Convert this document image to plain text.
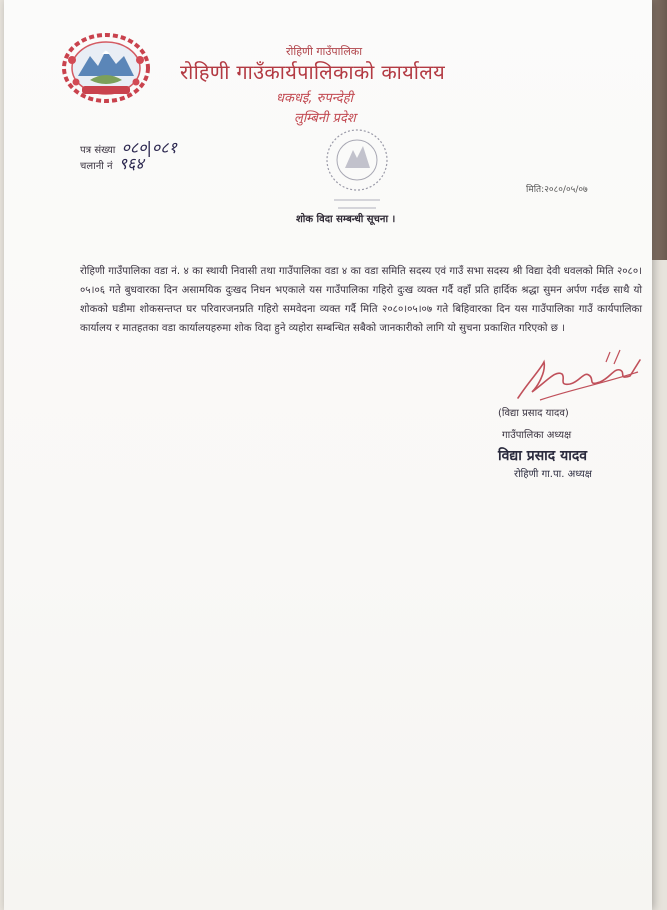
रोहिणी गाउँपालिका
रोहिणी गाउँकार्यपालिकाको कार्यालय
धकधई, रुपन्देही
लुम्बिनी प्रदेश
पत्र संख्या ०८०|०८१
चलानी नं ९६४
मिति:२०८०/०५/०७
शोक विदा सम्बन्धी सूचना ।
रोहिणी गाउँपालिका वडा नं. ४ का स्थायी निवासी तथा गाउँपालिका वडा ४ का वडा समिति सदस्य एवं गाउँ सभा सदस्य श्री विद्या देवी धवलको मिति २०८०।०५।०६ गते बुधवारका दिन असामयिक दुःखद निधन भएकाले यस गाउँपालिका गहिरो दुःख व्यक्त गर्दै वहाँ प्रति हार्दिक श्रद्धा सुमन अर्पण गर्दछ साथै यो शोकको घडीमा शोकसन्तप्त घर परिवारजनप्रति गहिरो समवेदना व्यक्त गर्दै मिति २०८०।०५।०७ गते बिहिवारका दिन यस गाउँपालिका गाउँ कार्यपालिका कार्यालय र मातहतका वडा कार्यालयहरुमा शोक विदा हुने व्यहोरा सम्बन्धित सबैको जानकारीको लागि यो सुचना प्रकाशित गरिएको छ ।
(विद्या प्रसाद यादव)
गाउँपालिका अध्यक्ष
विद्या प्रसाद यादव
रोहिणी गा.पा. अध्यक्ष
